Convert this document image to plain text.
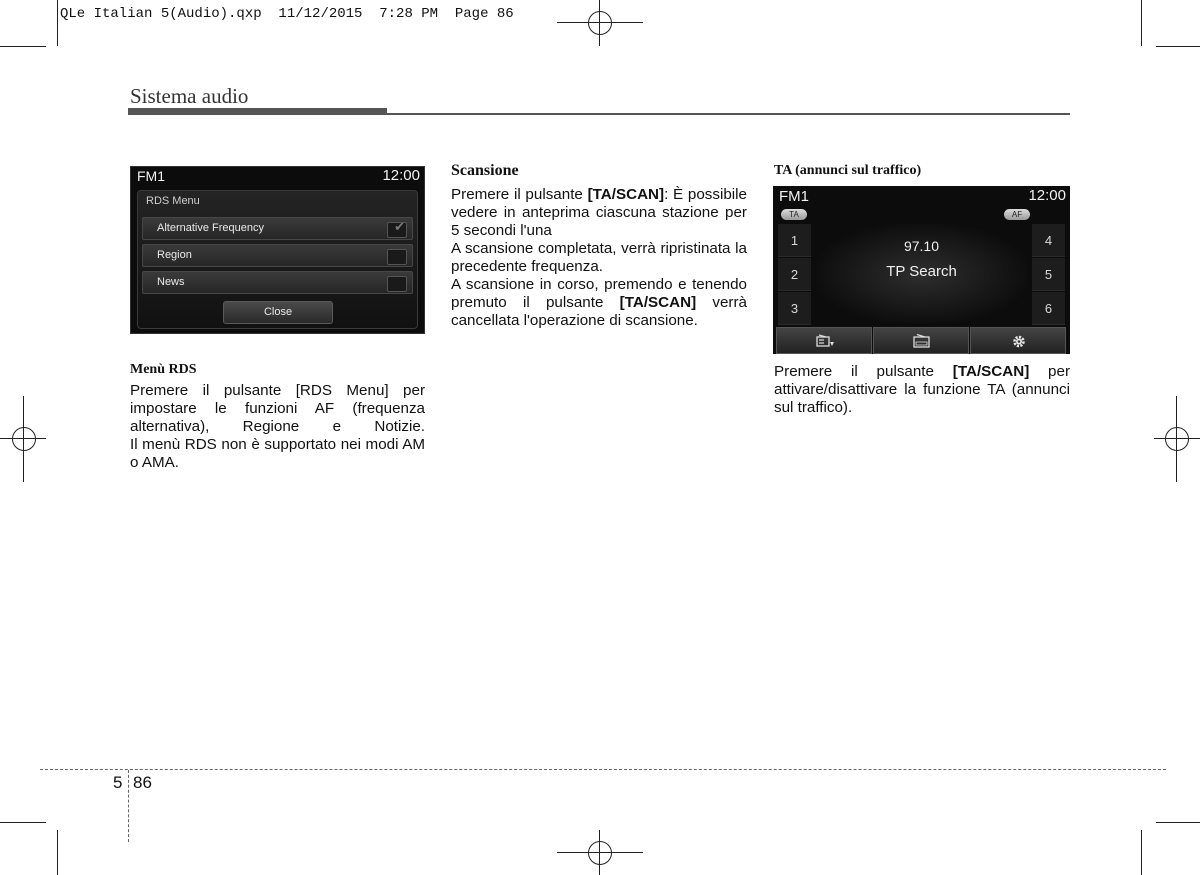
QLe Italian 5(Audio).qxp  11/12/2015  7:28 PM  Page 86
Sistema audio
FM1	12:00
RDS Menu
Alternative Frequency	✔
Region
News
Close
Menù RDS

Premere il pulsante [RDS Menu] per impostare le funzioni AF (frequenza alternativa), Regione e Notizie.

Il menù RDS non è supportato nei modi AM o AMA.

Scansione

Premere il pulsante [TA/SCAN]: È possibile vedere in anteprima ciascuna stazione per 5 secondi l'una

A scansione completata, verrà ripristinata la precedente frequenza.

A scansione in corso, premendo e tenendo premuto il pulsante [TA/SCAN] verrà cancellata l'operazione di scansione.

TA (annunci sul traffico)
FM1	12:00
TA	AF
1
2
3
4
5
6
97.10
TP Search

Premere il pulsante [TA/SCAN] per attivare/disattivare la funzione TA (annunci sul traffico).

5 86
